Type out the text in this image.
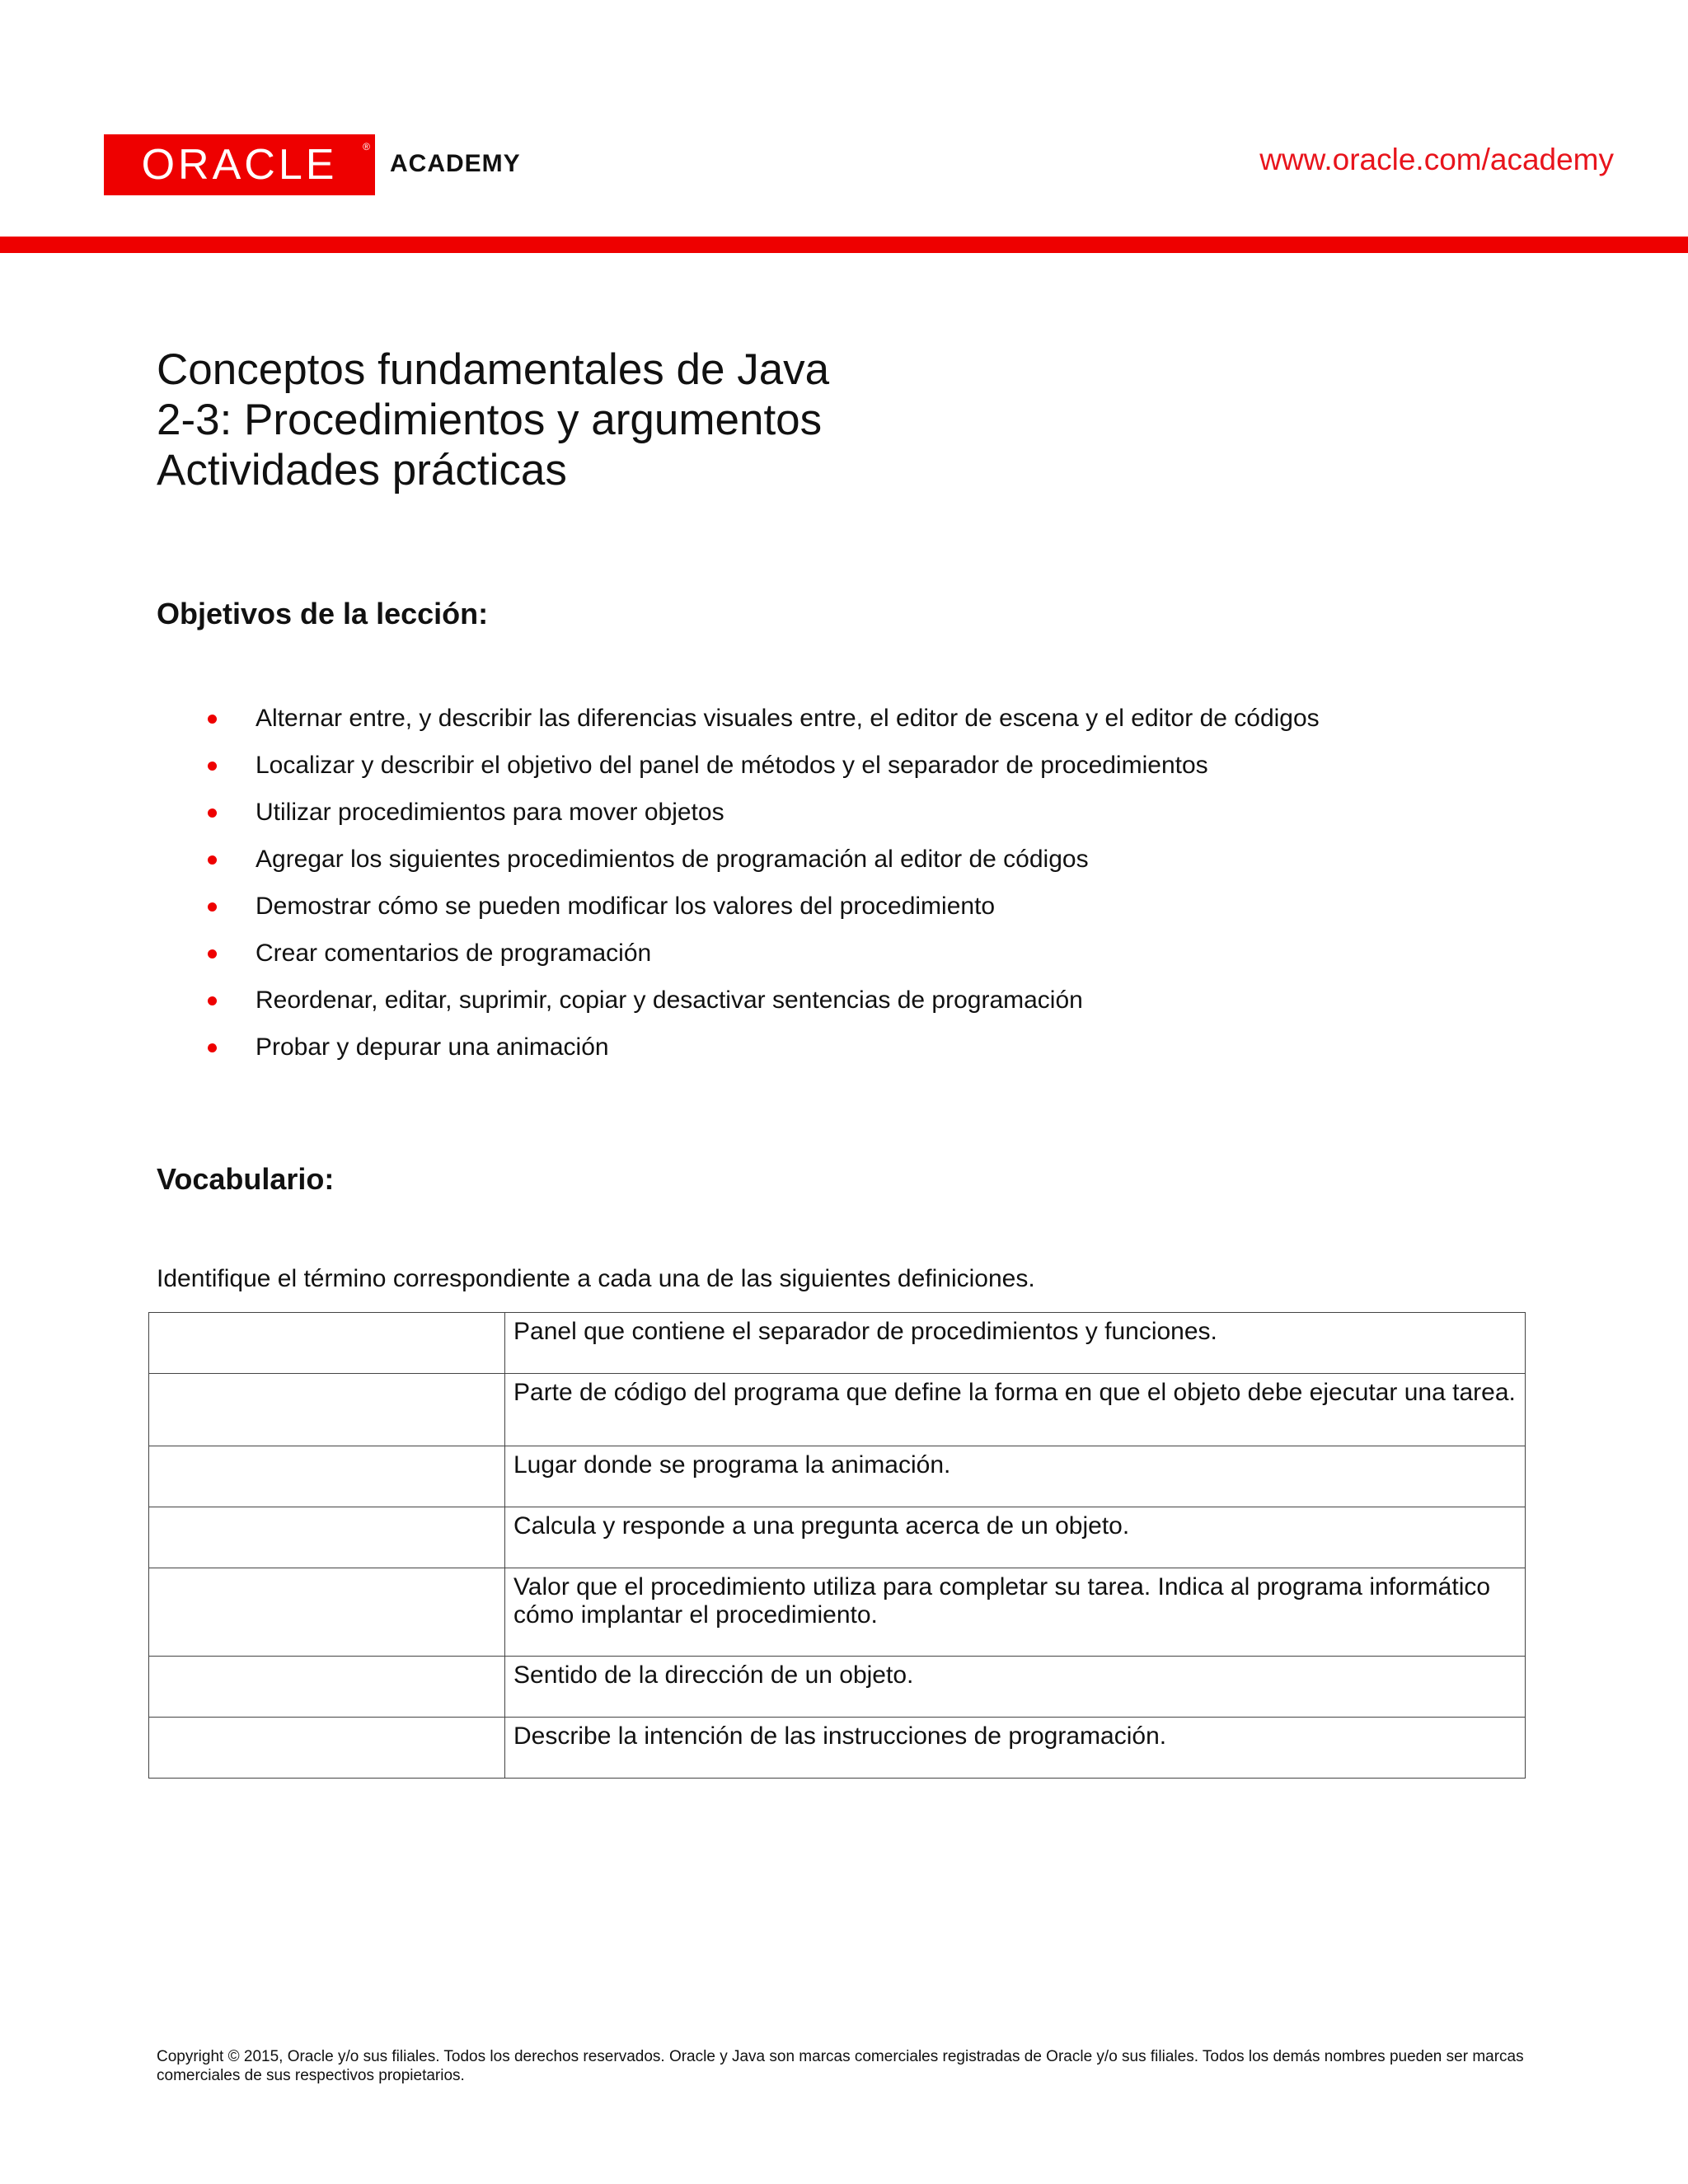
ORACLE	®
ACADEMY	www.oracle.com/academy
Conceptos fundamentales de Java
2-3: Procedimientos y argumentos
Actividades prácticas
Objetivos de la lección:
Alternar entre, y describir las diferencias visuales entre, el editor de escena y el editor de códigos
Localizar y describir el objetivo del panel de métodos y el separador de procedimientos
Utilizar procedimientos para mover objetos
Agregar los siguientes procedimientos de programación al editor de códigos
Demostrar cómo se pueden modificar los valores del procedimiento
Crear comentarios de programación
Reordenar, editar, suprimir, copiar y desactivar sentencias de programación
Probar y depurar una animación
Vocabulario:
Identifique el término correspondiente a cada una de las siguientes definiciones.
	Panel que contiene el separador de procedimientos y funciones.
	Parte de código del programa que define la forma en que el objeto debe ejecutar una tarea.
	Lugar donde se programa la animación.
	Calcula y responde a una pregunta acerca de un objeto.
	Valor que el procedimiento utiliza para completar su tarea. Indica al programa informático cómo implantar el procedimiento.
	Sentido de la dirección de un objeto.
	Describe la intención de las instrucciones de programación.
Copyright © 2015, Oracle y/o sus filiales. Todos los derechos reservados. Oracle y Java son marcas comerciales registradas de Oracle y/o sus filiales. Todos los demás nombres pueden ser marcas comerciales de sus respectivos propietarios.
